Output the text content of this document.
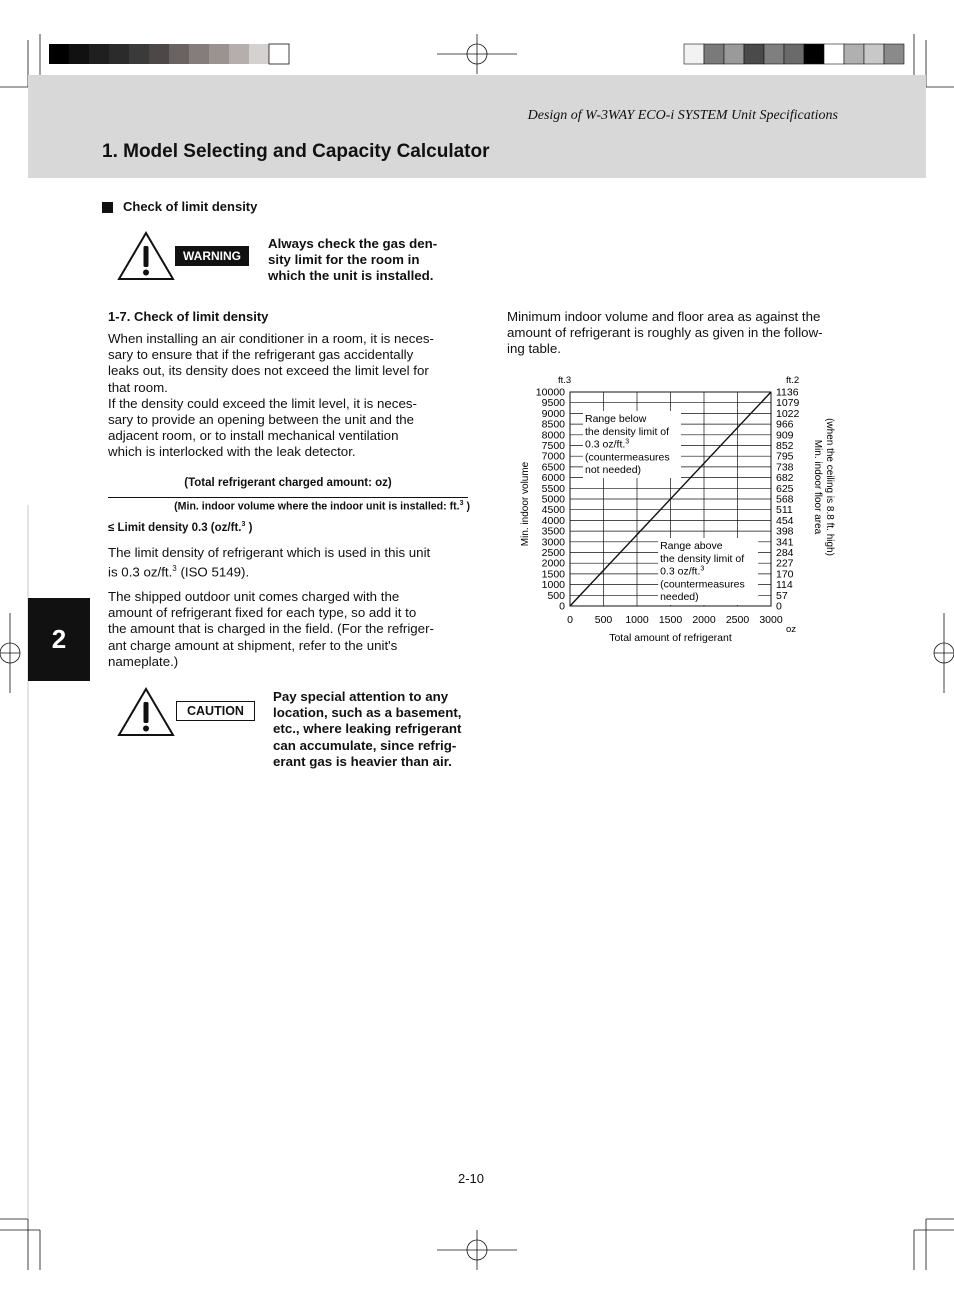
Design of W-3WAY ECO-i SYSTEM Unit Specifications
1. Model Selecting and Capacity Calculator
Check of limit density
WARNING
Always check the gas den-
sity limit for the room in
which the unit is installed.
1-7. Check of limit density
When installing an air conditioner in a room, it is neces-
sary to ensure that if the refrigerant gas accidentally
leaks out, its density does not exceed the limit level for
that room.
If the density could exceed the limit level, it is neces-
sary to provide an opening between the unit and the
adjacent room, or to install mechanical ventilation
which is interlocked with the leak detector.
(Total refrigerant charged amount: oz)
(Min. indoor volume where the indoor unit is installed: ft.$^3$ )
≤ Limit density 0.3 (oz/ft.$^3$ )
The limit density of refrigerant which is used in this unit
is 0.3 oz/ft.$^3$ (ISO 5149).
The shipped outdoor unit comes charged with the
amount of refrigerant fixed for each type, so add it to
the amount that is charged in the field. (For the refriger-
ant charge amount at shipment, refer to the unit's
nameplate.)
CAUTION
Pay special attention to any
location, such as a basement,
etc., where leaking refrigerant
can accumulate, since refrig-
erant gas is heavier than air.
2
Minimum indoor volume and floor area as against the
amount of refrigerant is roughly as given in the follow-
ing table.
0
500
1000
1500
2000
2500
3000
3500
4000
4500
5000
5500
6000
6500
7000
7500
8000
8500
9000
9500
10000
0
57
114
170
227
284
341
398
454
511
568
625
682
738
795
852
909
966
1022
1079
1136
0 500 1000 1500 2000 2500 3000
Range below
the density limit of
0.3 oz/ft.$^3$
(countermeasures
not needed)
Range above
the density limit of
0.3 oz/ft.$^3$
(countermeasures
needed)
ft.3	ft.2
oz
Total amount of refrigerant
Min. indoor volume	Min. indoor floor area (when the ceiling is 8.8 ft. high)
2-10
